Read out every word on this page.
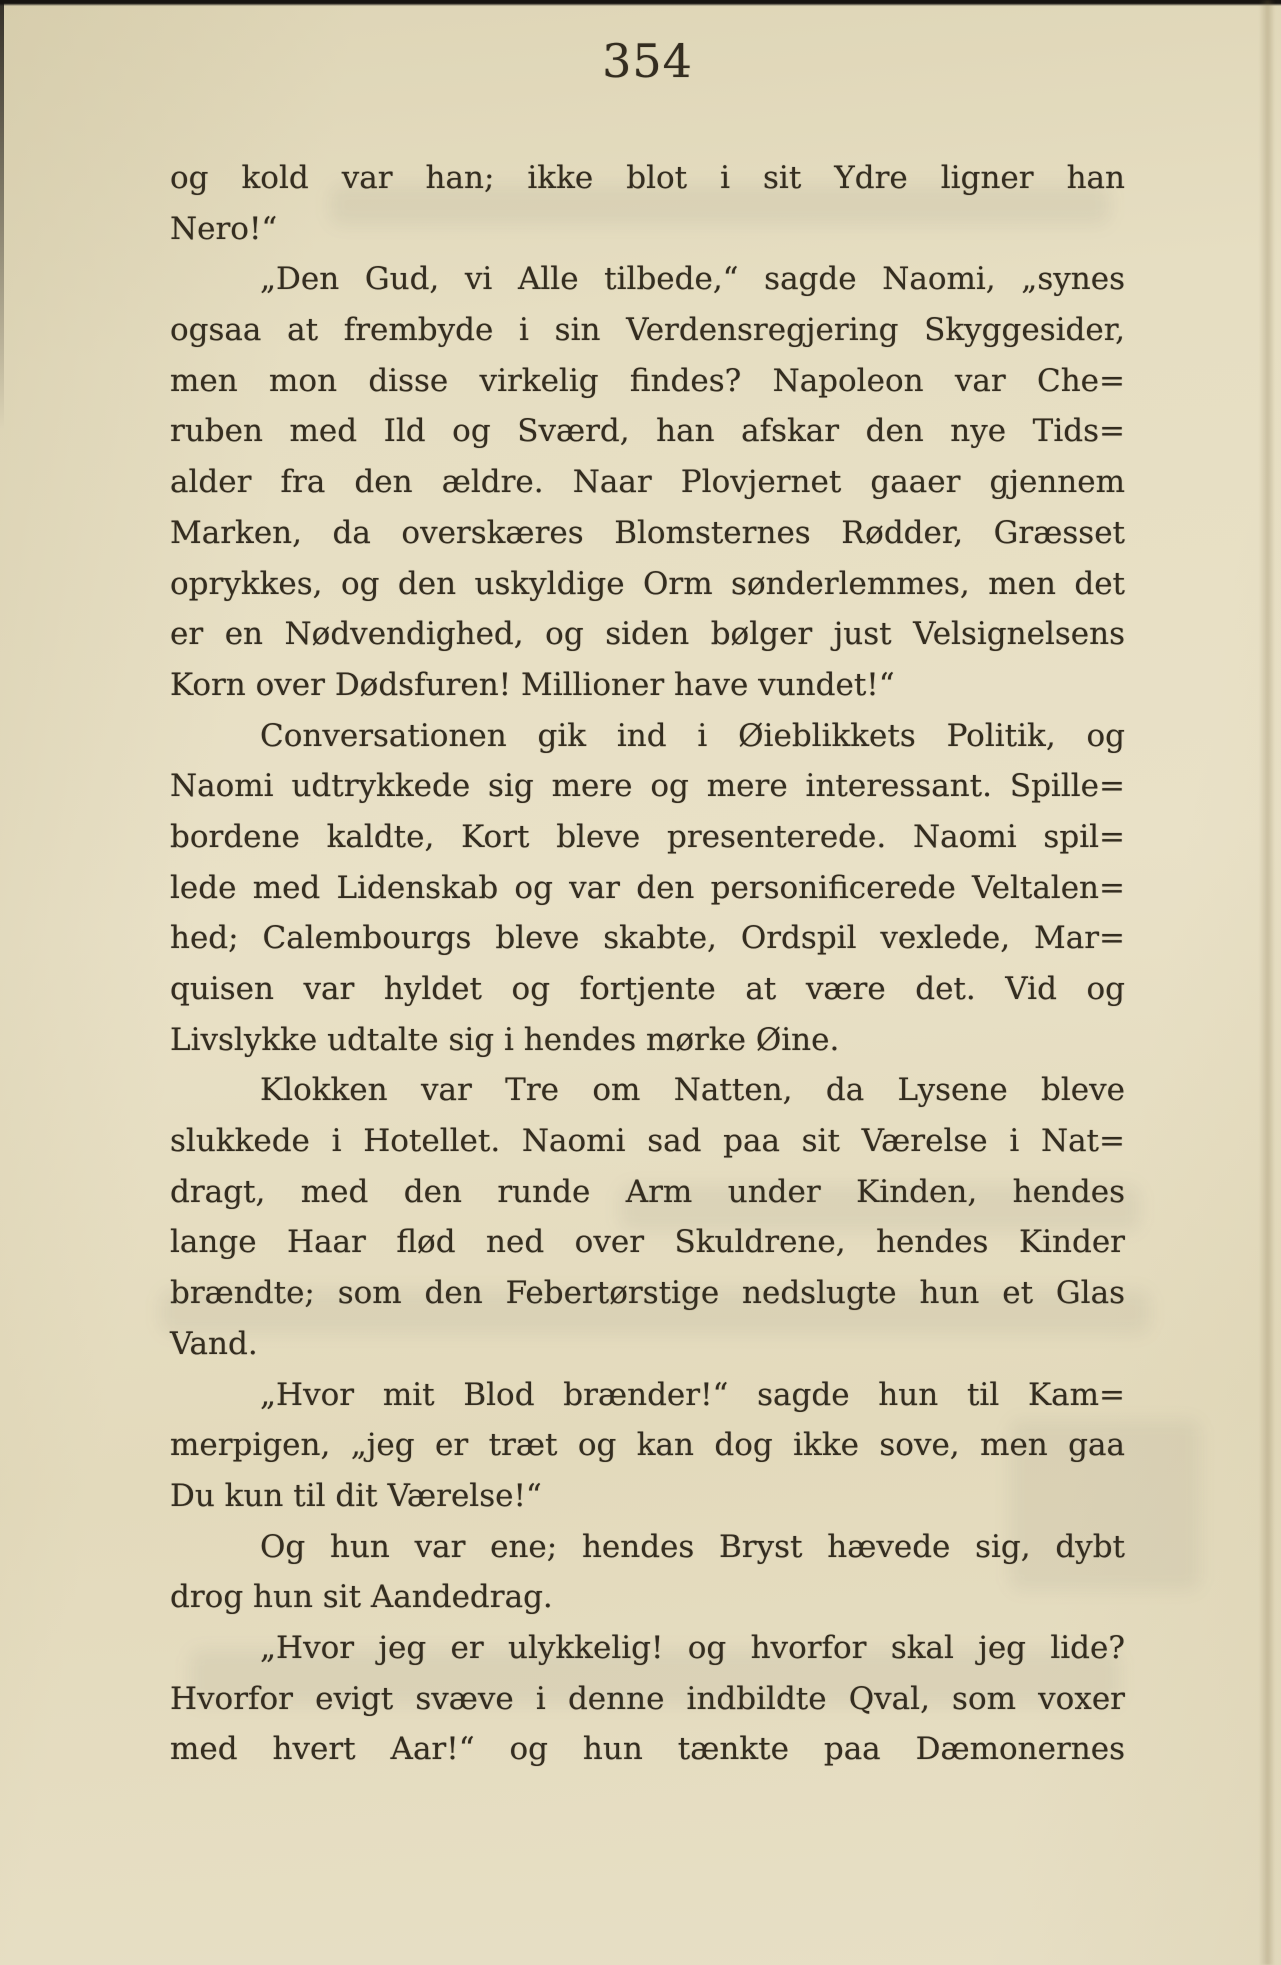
354
og kold var han; ikke blot i sit Ydre ligner han
Nero!“
„Den Gud, vi Alle tilbede,“ sagde Naomi, „synes
ogsaa at frembyde i sin Verdensregjering Skyggesider,
men mon disse virkelig findes? Napoleon var Che=
ruben med Ild og Sværd, han afskar den nye Tids=
alder fra den ældre. Naar Plovjernet gaaer gjennem
Marken, da overskæres Blomsternes Rødder, Græsset
oprykkes, og den uskyldige Orm sønderlemmes, men det
er en Nødvendighed, og siden bølger just Velsignelsens
Korn over Dødsfuren! Millioner have vundet!“
Conversationen gik ind i Øieblikkets Politik, og
Naomi udtrykkede sig mere og mere interessant. Spille=
bordene kaldte, Kort bleve presenterede. Naomi spil=
lede med Lidenskab og var den personificerede Veltalen=
hed; Calembourgs bleve skabte, Ordspil vexlede, Mar=
quisen var hyldet og fortjente at være det. Vid og
Livslykke udtalte sig i hendes mørke Øine.
Klokken var Tre om Natten, da Lysene bleve
slukkede i Hotellet. Naomi sad paa sit Værelse i Nat=
dragt, med den runde Arm under Kinden, hendes
lange Haar flød ned over Skuldrene, hendes Kinder
brændte; som den Febertørstige nedslugte hun et Glas
Vand.
„Hvor mit Blod brænder!“ sagde hun til Kam=
merpigen, „jeg er træt og kan dog ikke sove, men gaa
Du kun til dit Værelse!“
Og hun var ene; hendes Bryst hævede sig, dybt
drog hun sit Aandedrag.
„Hvor jeg er ulykkelig! og hvorfor skal jeg lide?
Hvorfor evigt svæve i denne indbildte Qval, som voxer
med hvert Aar!“ og hun tænkte paa Dæmonernes
